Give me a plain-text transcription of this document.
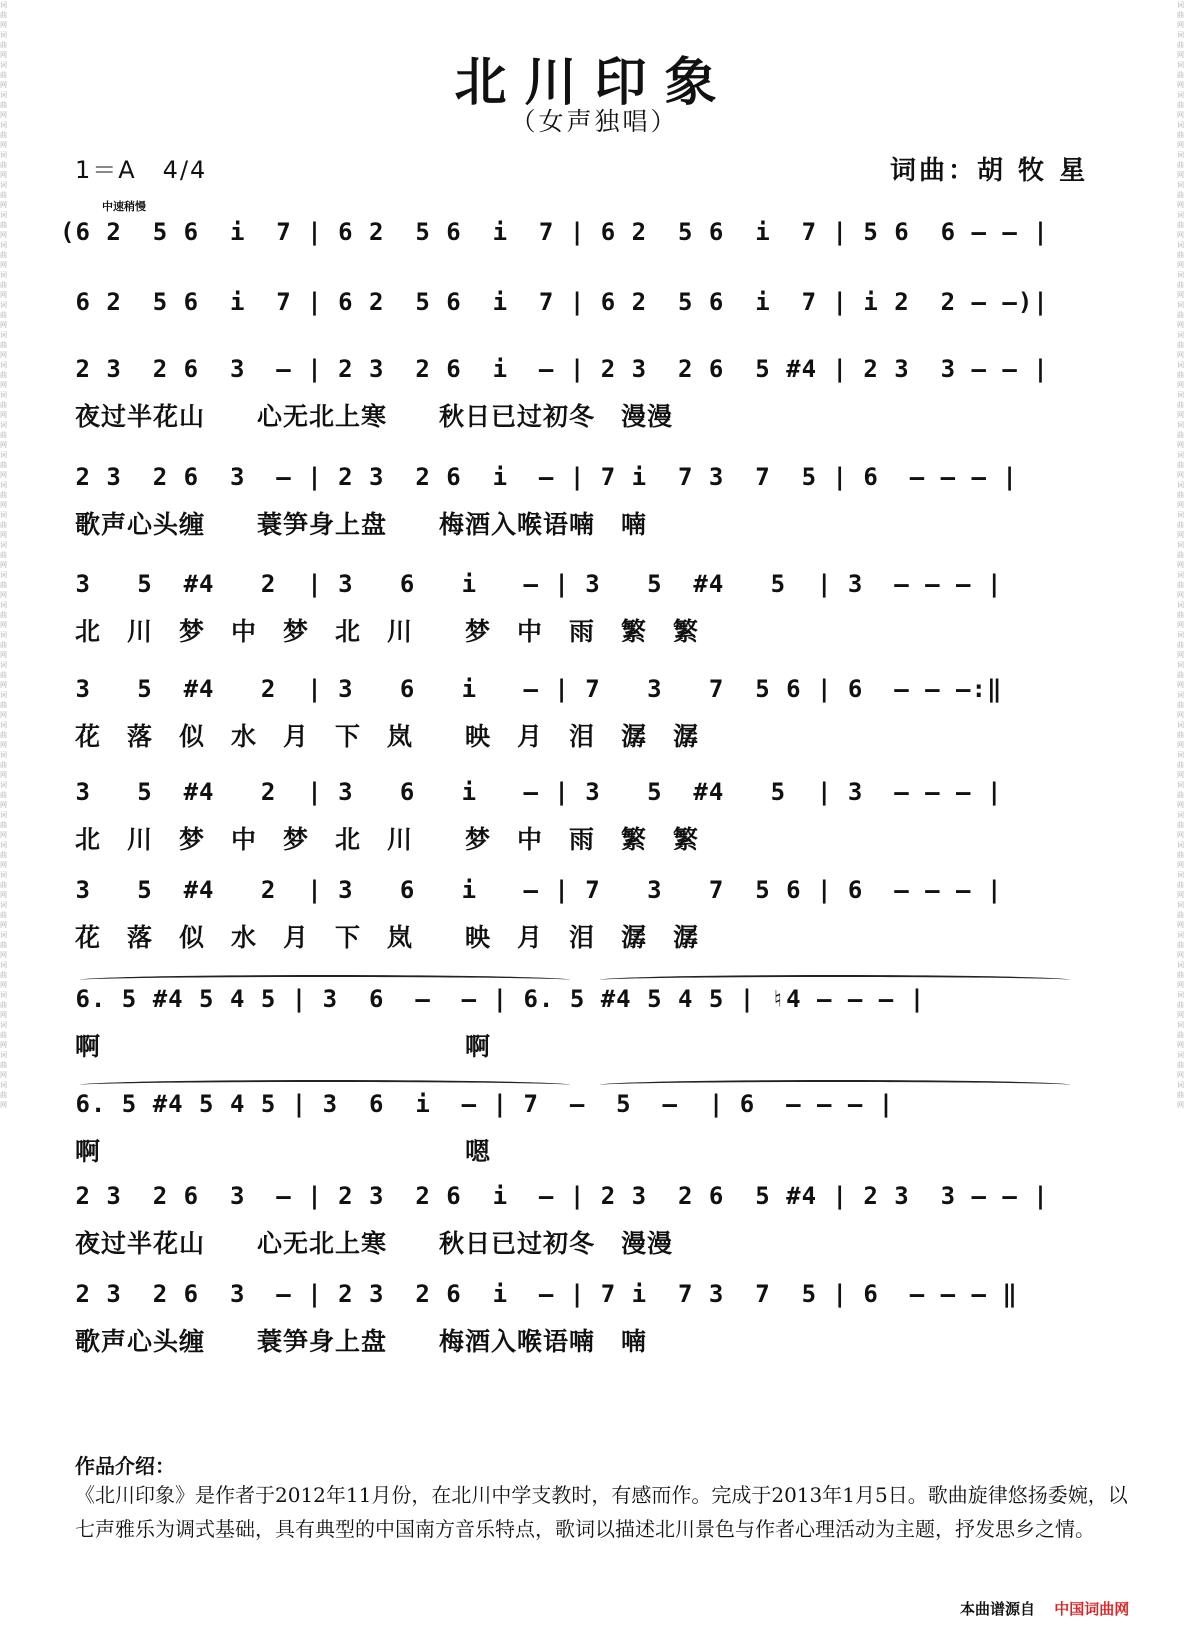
词曲网词曲网词曲网词曲网词曲网词曲网词曲网词曲网词曲网词曲网词曲网词曲网词曲网词曲网词曲网词曲网词曲网词曲网词曲网词曲网词曲网词曲网词曲网词曲网词曲网词曲网词曲网词曲网词曲网词曲网词曲网词曲网词曲网词曲网词曲网词曲网词曲网
词曲网词曲网词曲网词曲网词曲网词曲网词曲网词曲网词曲网词曲网词曲网词曲网词曲网词曲网词曲网词曲网词曲网词曲网词曲网词曲网词曲网词曲网词曲网词曲网词曲网词曲网词曲网词曲网词曲网词曲网词曲网词曲网词曲网词曲网词曲网词曲网词曲网
北川印象
（女声独唱）
1＝A　4/4	词曲：胡 牧 星
中速稍慢
(6 2  5 6  i  7 | 6 2  5 6  i  7 | 6 2  5 6  i  7 | 5 6  6 — — |
6 2  5 6  i  7 | 6 2  5 6  i  7 | 6 2  5 6  i  7 | i 2  2 — —)|
2 3  2 6  3  — | 2 3  2 6  i  — | 2 3  2 6  5 #4 | 2 3  3 — — |
夜过半花山　　心无北上寒　　秋日已过初冬　漫漫
2 3  2 6  3  — | 2 3  2 6  i  — | 7 i  7 3  7  5 | 6  — — — |
歌声心头缠　　蓑笋身上盘　　梅酒入喉语喃　喃
3   5  #4   2  | 3   6   i   — | 3   5  #4   5  | 3  — — — |
北　川　梦　中　梦　北　川　　梦　中　雨　繁　繁
3   5  #4   2  | 3   6   i   — | 7   3   7  5 6 | 6  — — —:‖
花　落　似　水　月　下　岚　　映　月　泪　潺　潺
3   5  #4   2  | 3   6   i   — | 3   5  #4   5  | 3  — — — |
北　川　梦　中　梦　北　川　　梦　中　雨　繁　繁
3   5  #4   2  | 3   6   i   — | 7   3   7  5 6 | 6  — — — |
花　落　似　水　月　下　岚　　映　月　泪　潺　潺
6. 5 #4 5 4 5 | 3  6  —  — | 6. 5 #4 5 4 5 | ♮4 — — — |
啊　　　　　　　　　　　　　　啊
6. 5 #4 5 4 5 | 3  6  i  — | 7  —  5  —  | 6  — — — |
啊　　　　　　　　　　　　　　嗯
2 3  2 6  3  — | 2 3  2 6  i  — | 2 3  2 6  5 #4 | 2 3  3 — — |
夜过半花山　　心无北上寒　　秋日已过初冬　漫漫
2 3  2 6  3  — | 2 3  2 6  i  — | 7 i  7 3  7  5 | 6  — — — ‖
歌声心头缠　　蓑笋身上盘　　梅酒入喉语喃　喃
作品介绍：
《北川印象》是作者于2012年11月份，在北川中学支教时，有感而作。完成于2013年1月5日。歌曲旋律悠扬委婉，以七声雅乐为调式基础，具有典型的中国南方音乐特点，歌词以描述北川景色与作者心理活动为主题，抒发思乡之情。
本曲谱源自 中国词曲网
